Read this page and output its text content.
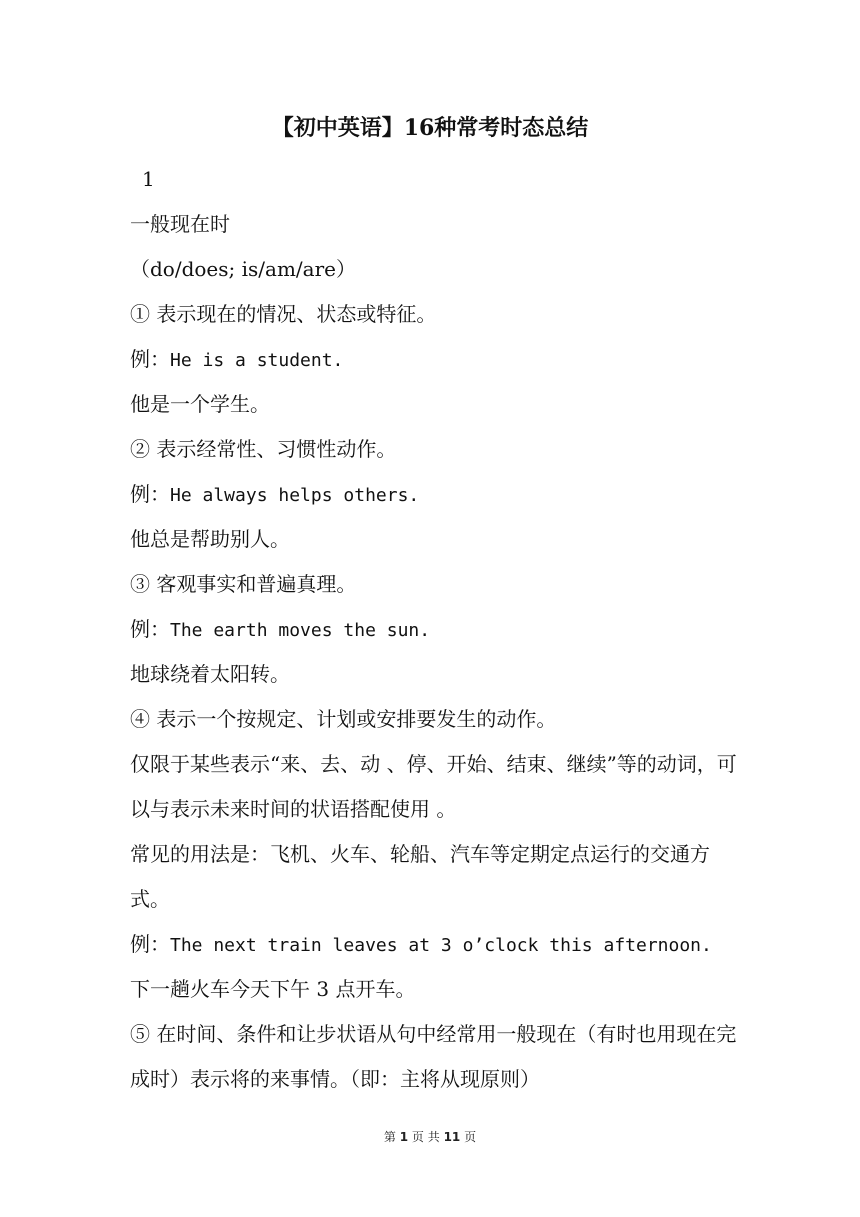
【初中英语】16种常考时态总结
1
一般现在时
（do/does; is/am/are）
① 表示现在的情况、状态或特征。
例：He is a student.
他是一个学生。
② 表示经常性、习惯性动作。
例：He always helps others.
他总是帮助别人。
③ 客观事实和普遍真理。
例：The earth moves the sun.
地球绕着太阳转。
④ 表示一个按规定、计划或安排要发生的动作。
仅限于某些表示“来、去、动 、停、开始、结束、继续”等的动词，可以与表示未来时间的状语搭配使用 。
常见的用法是：飞机、火车、轮船、汽车等定期定点运行的交通方式。
例：The next train leaves at 3 o’clock this afternoon.
下一趟火车今天下午 3 点开车。
⑤ 在时间、条件和让步状语从句中经常用一般现在（有时也用现在完成时）表示将的来事情。（即：主将从现原则）
第 1 页 共 11 页
